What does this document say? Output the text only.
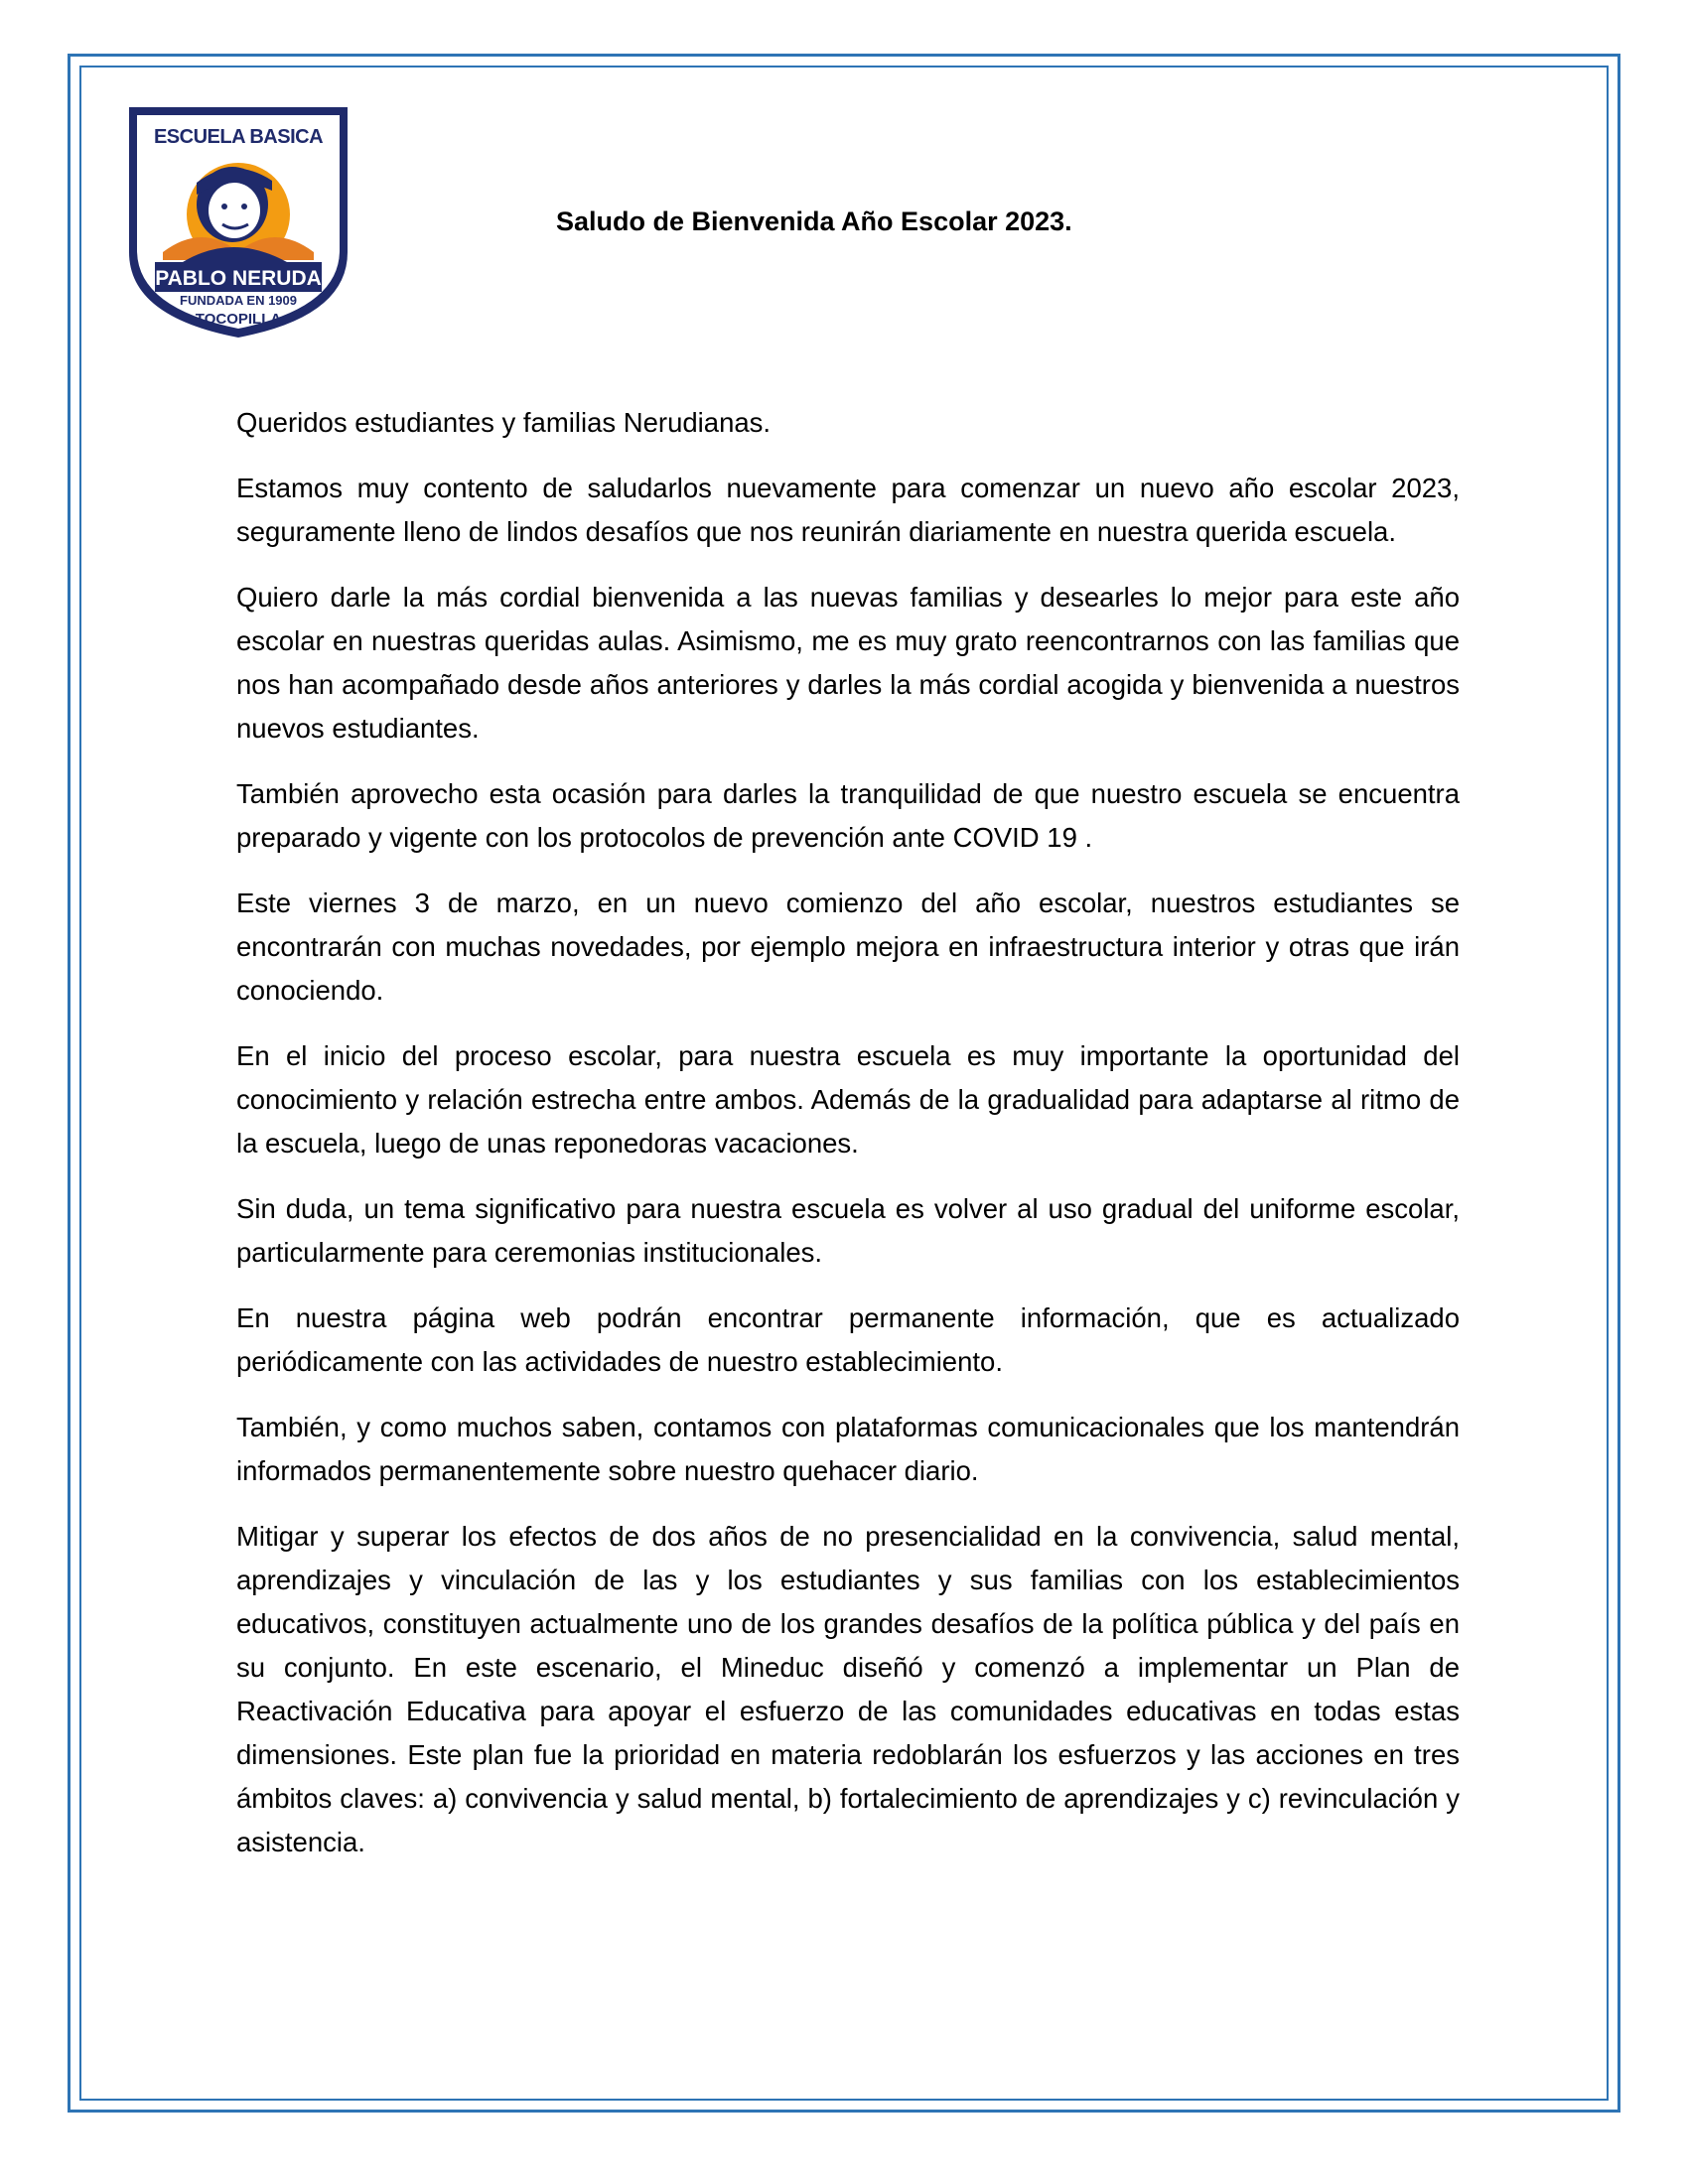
ESCUELA BASICA
PABLO NERUDA
FUNDADA EN 1909
TOCOPILLA
Saludo de Bienvenida Año Escolar 2023.

Queridos estudiantes y familias Nerudianas.

Estamos muy contento de saludarlos nuevamente para comenzar un nuevo año escolar 2023, seguramente lleno de lindos desafíos que nos reunirán diariamente en nuestra querida escuela.

Quiero darle la más cordial bienvenida a las nuevas familias y desearles lo mejor para este año escolar en nuestras queridas aulas. Asimismo, me es muy grato reencontrarnos con las familias que nos han acompañado desde años anteriores y darles la más cordial acogida y bienvenida a nuestros nuevos estudiantes.

También aprovecho esta ocasión para darles la tranquilidad de que nuestro escuela se encuentra preparado y vigente con los protocolos de prevención ante COVID 19 .

Este viernes 3 de marzo, en un nuevo comienzo del año escolar, nuestros estudiantes se encontrarán con muchas novedades, por ejemplo mejora en infraestructura interior y otras que irán conociendo.

En el inicio del proceso escolar, para nuestra escuela es muy importante la oportunidad del conocimiento y relación estrecha entre ambos. Además de la gradualidad para adaptarse al ritmo de la escuela, luego de unas reponedoras vacaciones.

Sin duda, un tema significativo para nuestra escuela es volver al uso gradual del uniforme escolar, particularmente para ceremonias institucionales.

En nuestra página web podrán encontrar permanente información, que es actualizado periódicamente con las actividades de nuestro establecimiento.

También, y como muchos saben, contamos con plataformas comunicacionales que los mantendrán informados permanentemente sobre nuestro quehacer diario.

Mitigar y superar los efectos de dos años de no presencialidad en la convivencia, salud mental, aprendizajes y vinculación de las y los estudiantes y sus familias con los establecimientos educativos, constituyen actualmente uno de los grandes desafíos de la política pública y del país en su conjunto. En este escenario, el Mineduc diseñó y comenzó a implementar un Plan de Reactivación Educativa para apoyar el esfuerzo de las comunidades educativas en todas estas dimensiones. Este plan fue la prioridad en materia redoblarán los esfuerzos y las acciones en tres ámbitos claves: a) convivencia y salud mental, b) fortalecimiento de aprendizajes y c) revinculación y asistencia.
